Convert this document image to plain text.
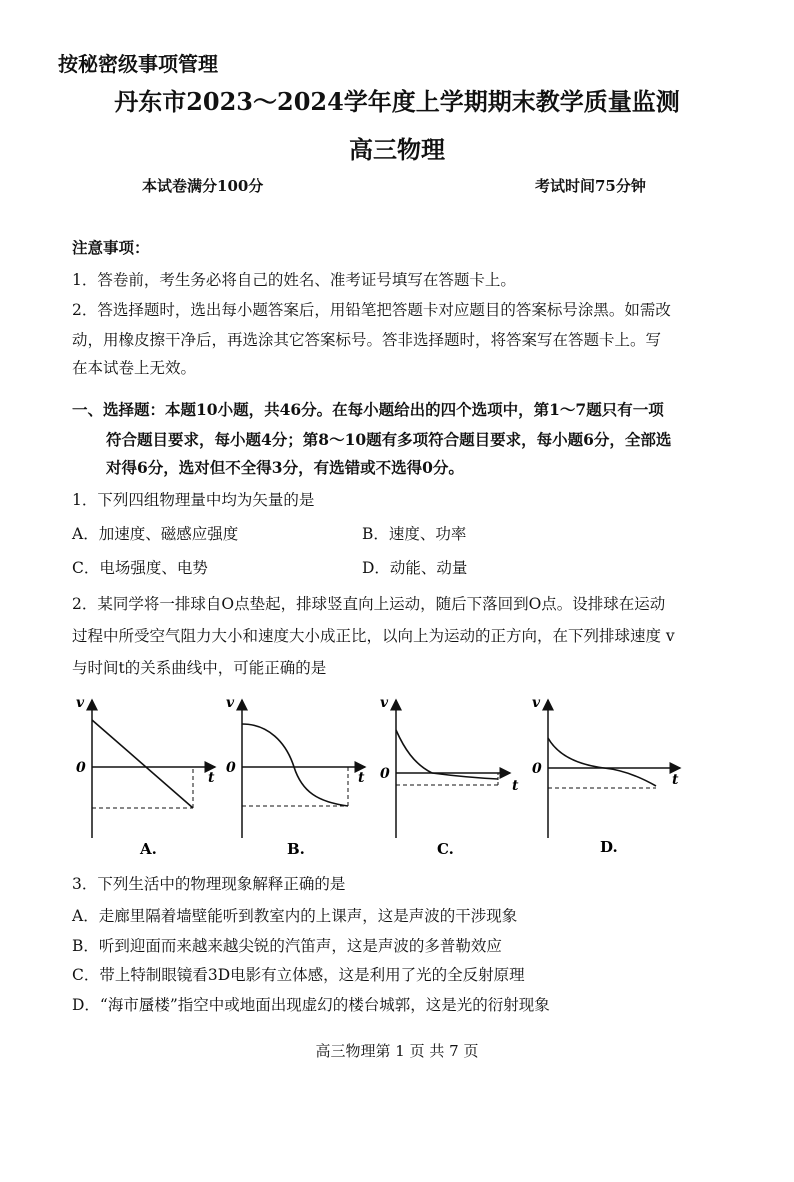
按秘密级事项管理
丹东市2023～2024学年度上学期期末教学质量监测
高三物理
本试卷满分100分	考试时间75分钟
注意事项：
1．答卷前，考生务必将自己的姓名、准考证号填写在答题卡上。
2．答选择题时，选出每小题答案后，用铅笔把答题卡对应题目的答案标号涂黑。如需改
动，用橡皮擦干净后，再选涂其它答案标号。答非选择题时，将答案写在答题卡上。写
在本试卷上无效。
一、选择题：本题10小题，共46分。在每小题给出的四个选项中，第1～7题只有一项
符合题目要求，每小题4分；第8～10题有多项符合题目要求，每小题6分，全部选
对得6分，选对但不全得3分，有选错或不选得0分。
1．下列四组物理量中均为矢量的是
A．加速度、磁感应强度	B．速度、功率
C．电场强度、电势	D．动能、动量
2．某同学将一排球自O点垫起，排球竖直向上运动，随后下落回到O点。设排球在运动
过程中所受空气阻力大小和速度大小成正比，以向上为运动的正方向，在下列排球速度 v
与时间t的关系曲线中，可能正确的是
v
0
t
v
0
t
v
0
t
v
0
t
A.	B.	C.	D.
3．下列生活中的物理现象解释正确的是
A．走廊里隔着墙壁能听到教室内的上课声，这是声波的干涉现象
B．听到迎面而来越来越尖锐的汽笛声，这是声波的多普勒效应
C．带上特制眼镜看3D电影有立体感，这是利用了光的全反射原理
D．“海市蜃楼”指空中或地面出现虚幻的楼台城郭，这是光的衍射现象
高三物理第 1 页 共 7 页
